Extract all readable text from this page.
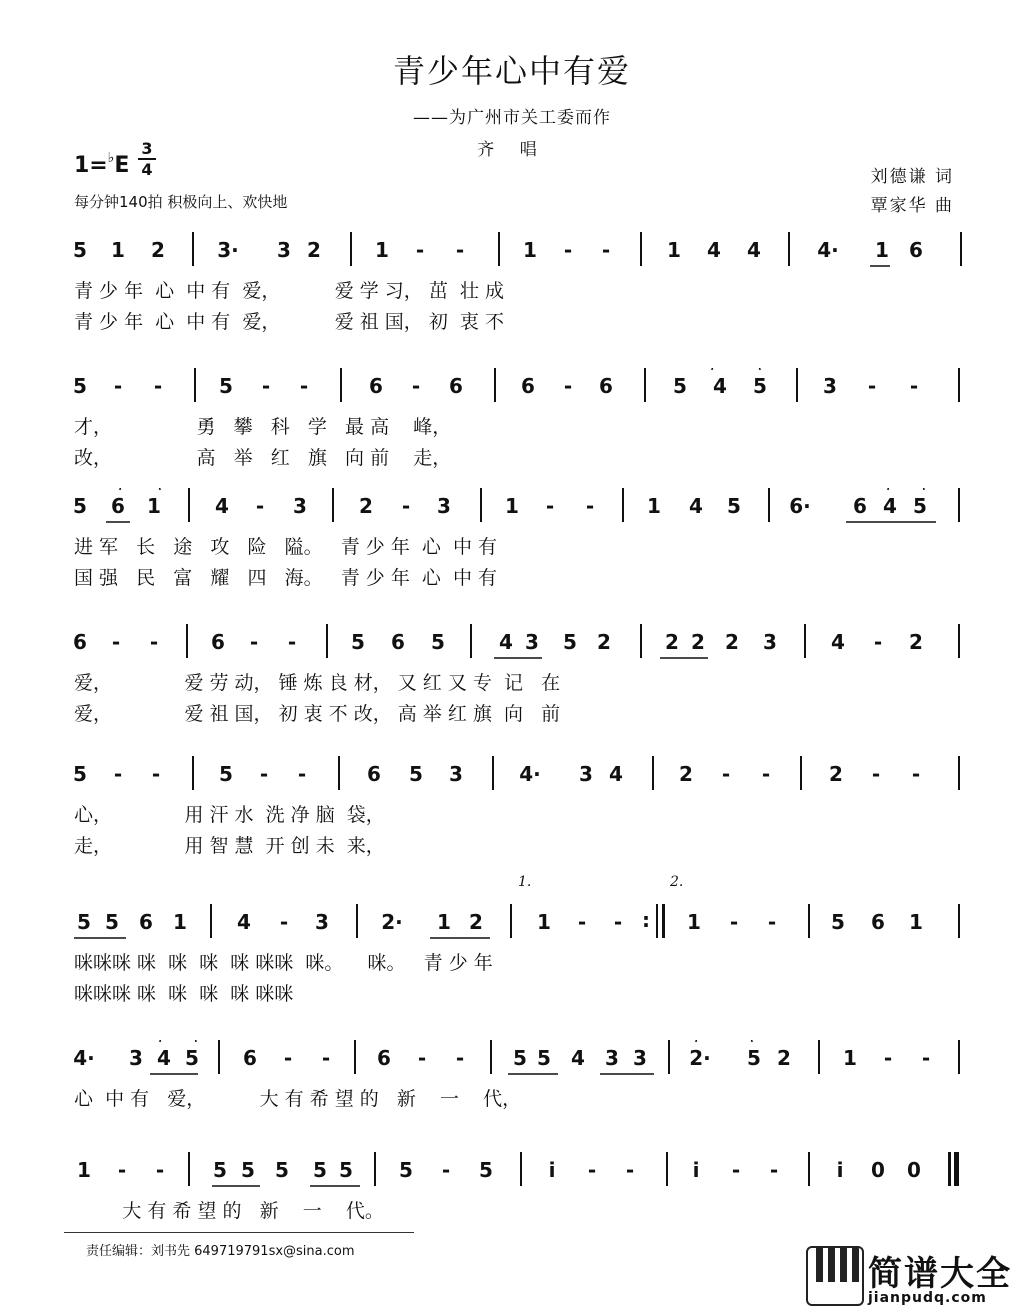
青少年心中有爱
——为广州市关工委而作
齐 唱
1=♭E
3
4
每分钟140拍 积极向上、欢快地
刘德谦 词
覃家华 曲
5	1	2	3·	3 2	1	-	-	1	-	-	1	4	4	4·	1	6
青 少 年  心  中 有  爱，         爱 学 习， 茁  壮 成
青 少 年  心  中 有  爱，         爱 祖 国， 初  衷 不
5	-	-	5	-	-	6	-	6	6	-	6	5	4	5	3	-	-
才，              勇   攀   科   学   最 高    峰，
改，              高   举   红   旗   向 前    走，
5	6	1	4	-	3	2	-	3	1	-	-	1	4	5	6·	6 4 5
进 军   长   途   攻   险   隘。   青 少 年  心  中 有
国 强   民   富   耀   四   海。   青 少 年  心  中 有
6	-	-	6	-	-	5	6	5	4 3	5	2	2 2	2	3	4	-	2
爱，            爱 劳 动， 锤 炼 良 材， 又 红 又 专  记   在
爱，            爱 祖 国， 初 衷 不 改， 高 举 红 旗  向   前
5	-	-	5	-	-	6	5	3	4·	3 4	2	-	-	2	-	-
心，            用 汗 水  洗 净 脑  袋，
走，            用 智 慧  开 创 未  来，
5 5	6	1	4	-	3	2·	1 2	1	-	- :	1	-	-	5	6	1
1.	2.
咪咪咪 咪  咪  咪  咪 咪咪  咪。    咪。   青 少 年
咪咪咪 咪  咪  咪  咪 咪咪
4·	3 4 5	6	-	-	6	-	-	5 5	4	3 3	2·	5 2	1	-	-
心  中 有   爱，         大 有 希 望 的   新    一    代，
1	-	-	5 5	5	5 5	5	-	5	i	-	-	i	-	-	i	0	0
大 有 希 望 的   新    一    代。
责任编辑：刘书先 649719791sx@sina.com
简谱大全
jianpudq.com
